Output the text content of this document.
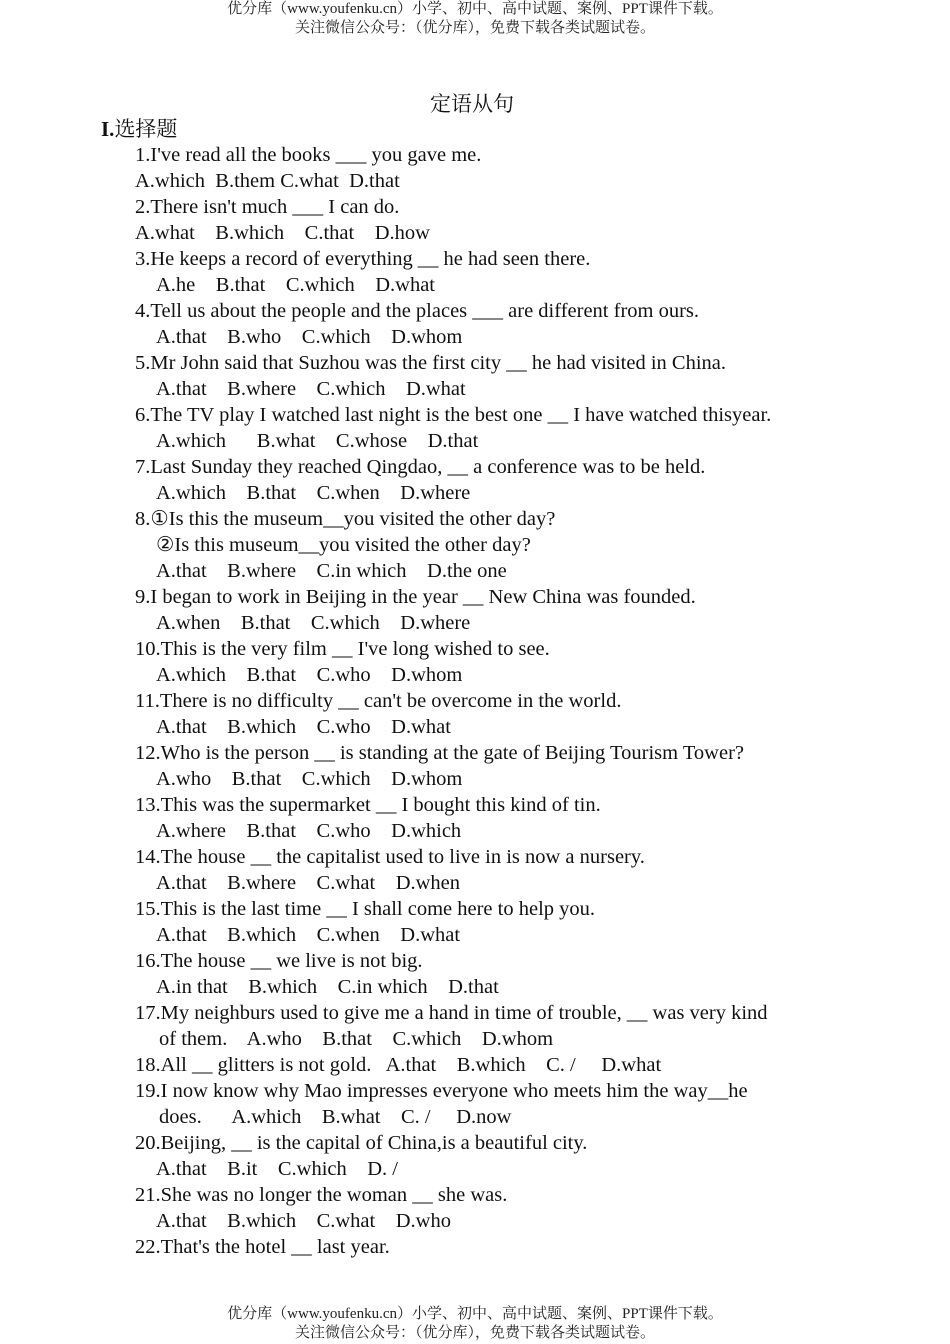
优分库（www.youfenku.cn）小学、初中、高中试题、案例、PPT课件下载。
关注微信公众号：（优分库），免费下载各类试题试卷。
定语从句
I.选择题
1.I've read all the books ___ you gave me.
A.which  B.them C.what  D.that
2.There isn't much ___ I can do.
A.what    B.which    C.that    D.how
3.He keeps a record of everything __ he had seen there.
A.he    B.that    C.which    D.what
4.Tell us about the people and the places ___ are different from ours.
A.that    B.who    C.which    D.whom
5.Mr John said that Suzhou was the first city __ he had visited in China.
A.that    B.where    C.which    D.what
6.The TV play I watched last night is the best one __ I have watched thisyear.
A.which      B.what    C.whose    D.that
7.Last Sunday they reached Qingdao, __ a conference was to be held.
A.which    B.that    C.when    D.where
8.①Is this the museum__you visited the other day?
②Is this museum__you visited the other day?
A.that    B.where    C.in which    D.the one
9.I began to work in Beijing in the year __ New China was founded.
A.when    B.that    C.which    D.where
10.This is the very film __ I've long wished to see.
A.which    B.that    C.who    D.whom
11.There is no difficulty __ can't be overcome in the world.
A.that    B.which    C.who    D.what
12.Who is the person __ is standing at the gate of Beijing Tourism Tower?
A.who    B.that    C.which    D.whom
13.This was the supermarket __ I bought this kind of tin.
A.where    B.that    C.who    D.which
14.The house __ the capitalist used to live in is now a nursery.
A.that    B.where    C.what    D.when
15.This is the last time __ I shall come here to help you.
A.that    B.which    C.when    D.what
16.The house __ we live is not big.
A.in that    B.which    C.in which    D.that
17.My neighburs used to give me a hand in time of trouble, __ was very kind
of them.    A.who    B.that    C.which    D.whom
18.All __ glitters is not gold.   A.that    B.which    C. /     D.what
19.I now know why Mao impresses everyone who meets him the way__he
does.      A.which    B.what    C. /     D.now
20.Beijing, __ is the capital of China,is a beautiful city.
A.that    B.it    C.which    D. /
21.She was no longer the woman __ she was.
A.that    B.which    C.what    D.who
22.That's the hotel __ last year.
优分库（www.youfenku.cn）小学、初中、高中试题、案例、PPT课件下载。
关注微信公众号：（优分库），免费下载各类试题试卷。
